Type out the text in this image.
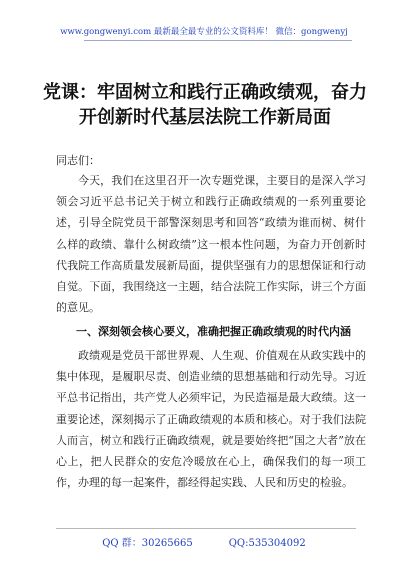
www.gongwenyi.com 最新最全最专业的公文资料库！ 微信：gongwenyj
党课：牢固树立和践行正确政绩观，奋力开创新时代基层法院工作新局面

同志们：

今天，我们在这里召开一次专题党课，主要目的是深入学习领会习近平总书记关于树立和践行正确政绩观的一系列重要论述，引导全院党员干部警深刻思考和回答“政绩为谁而树、树什么样的政绩、靠什么树政绩”这一根本性问题，为奋力开创新时代我院工作高质量发展新局面，提供坚强有力的思想保证和行动自觉。下面，我围绕这一主题，结合法院工作实际，讲三个方面的意见。

一、深刻领会核心要义，准确把握正确政绩观的时代内涵

政绩观是党员干部世界观、人生观、价值观在从政实践中的集中体现，是履职尽责、创造业绩的思想基础和行动先导。习近平总书记指出，共产党人必须牢记，为民造福是最大政绩。这一重要论述，深刻揭示了正确政绩观的本质和核心。对于我们法院人而言，树立和践行正确政绩观，就是要始终把“国之大者”放在心上，把人民群众的安危冷暖放在心上，确保我们的每一项工作，办理的每一起案件，都经得起实践、人民和历史的检验。

QQ 群：30265665	QQ:535304092
